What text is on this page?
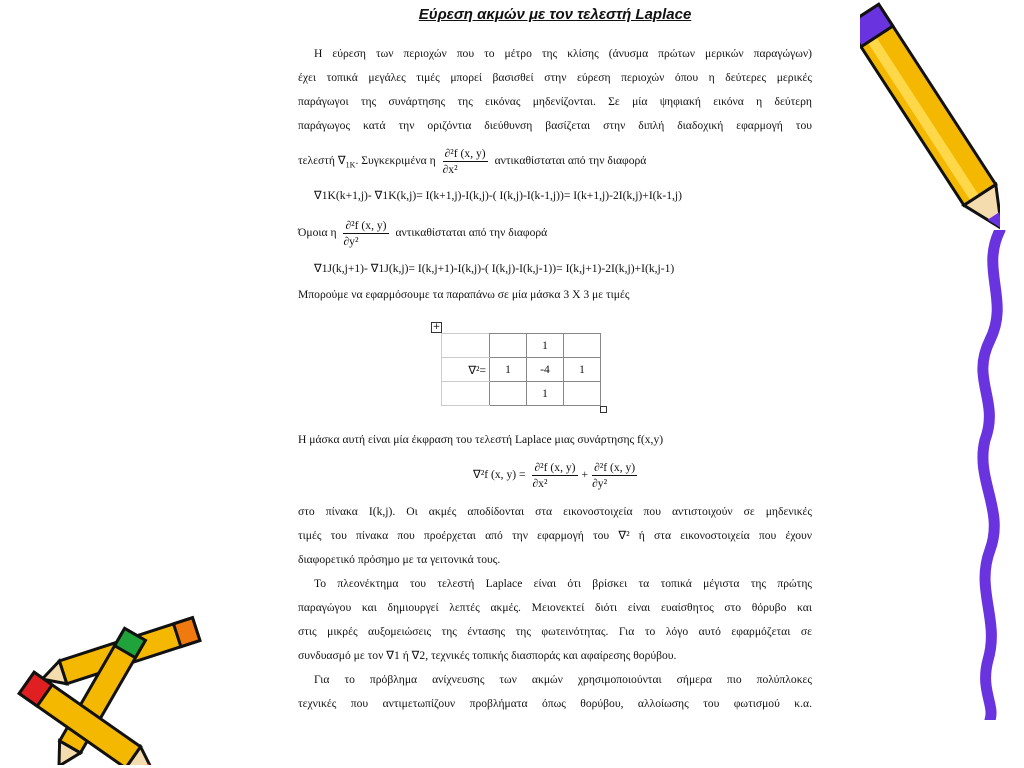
Εύρεση ακμών με τον τελεστή Laplace
Η εύρεση των περιοχών που το μέτρο της κλίσης (άνυσμα πρώτων μερικών παραγώγων)
έχει τοπικά μεγάλες τιμές μπορεί βασισθεί στην εύρεση περιοχών όπου η δεύτερες μερικές
παράγωγοι της συνάρτησης της εικόνας μηδενίζονται. Σε μία ψηφιακή εικόνα η δεύτερη
παράγωγος κατά την οριζόντια διεύθυνση βασίζεται στην διπλή διαδοχική εφαρμογή του
τελεστή $\nabla_{1K}$. Συγκεκριμένα η $\frac{\text{∂²f (x, y)}}{\text{∂x²}}$ αντικαθίσταται από την διαφορά
∇1K(k+1,j)- ∇1K(k,j)= I(k+1,j)-I(k,j)-( I(k,j)-I(k-1,j))= I(k+1,j)-2I(k,j)+I(k-1,j)
Όμοια η $\frac{\text{∂²f (x, y)}}{\text{∂y²}}$ αντικαθίσταται από την διαφορά
∇1J(k,j+1)- ∇1J(k,j)= I(k,j+1)-I(k,j)-( I(k,j)-I(k,j-1))= I(k,j+1)-2I(k,j)+I(k,j-1)
Μπορούμε να εφαρμόσουμε τα παραπάνω σε μία μάσκα 3 X 3 με τιμές
+
		1	
∇²=	1	-4	1
		1	
Η μάσκα αυτή είναι μία έκφραση του τελεστή Laplace μιας συνάρτησης f(x,y)
∇²f (x, $y) = \frac{\text{∂²f (x, y)}}{\text{∂x²}} + \frac{\text{∂²f (x, y)}}{\text{∂y²}}$
στο πίνακα I(k,j). Οι ακμές αποδίδονται στα εικονοστοιχεία που αντιστοιχούν σε μηδενικές
τιμές του πίνακα που προέρχεται από την εφαρμογή του ∇² ή στα εικονοστοιχεία που έχουν
διαφορετικό πρόσημο με τα γειτονικά τους.
Το πλεονέκτημα του τελεστή Laplace είναι ότι βρίσκει τα τοπικά μέγιστα της πρώτης
παραγώγου και δημιουργεί λεπτές ακμές. Μειονεκτεί διότι είναι ευαίσθητος στο θόρυβο και
στις μικρές αυξομειώσεις της έντασης της φωτεινότητας. Για το λόγο αυτό εφαρμόζεται σε
συνδυασμό με τον ∇1 ή ∇2, τεχνικές τοπικής διασποράς και αφαίρεσης θορύβου.
Για το πρόβλημα ανίχνευσης των ακμών χρησιμοποιούνται σήμερα πιο πολύπλοκες
τεχνικές που αντιμετωπίζουν προβλήματα όπως θορύβου, αλλοίωσης του φωτισμού κ.α.
